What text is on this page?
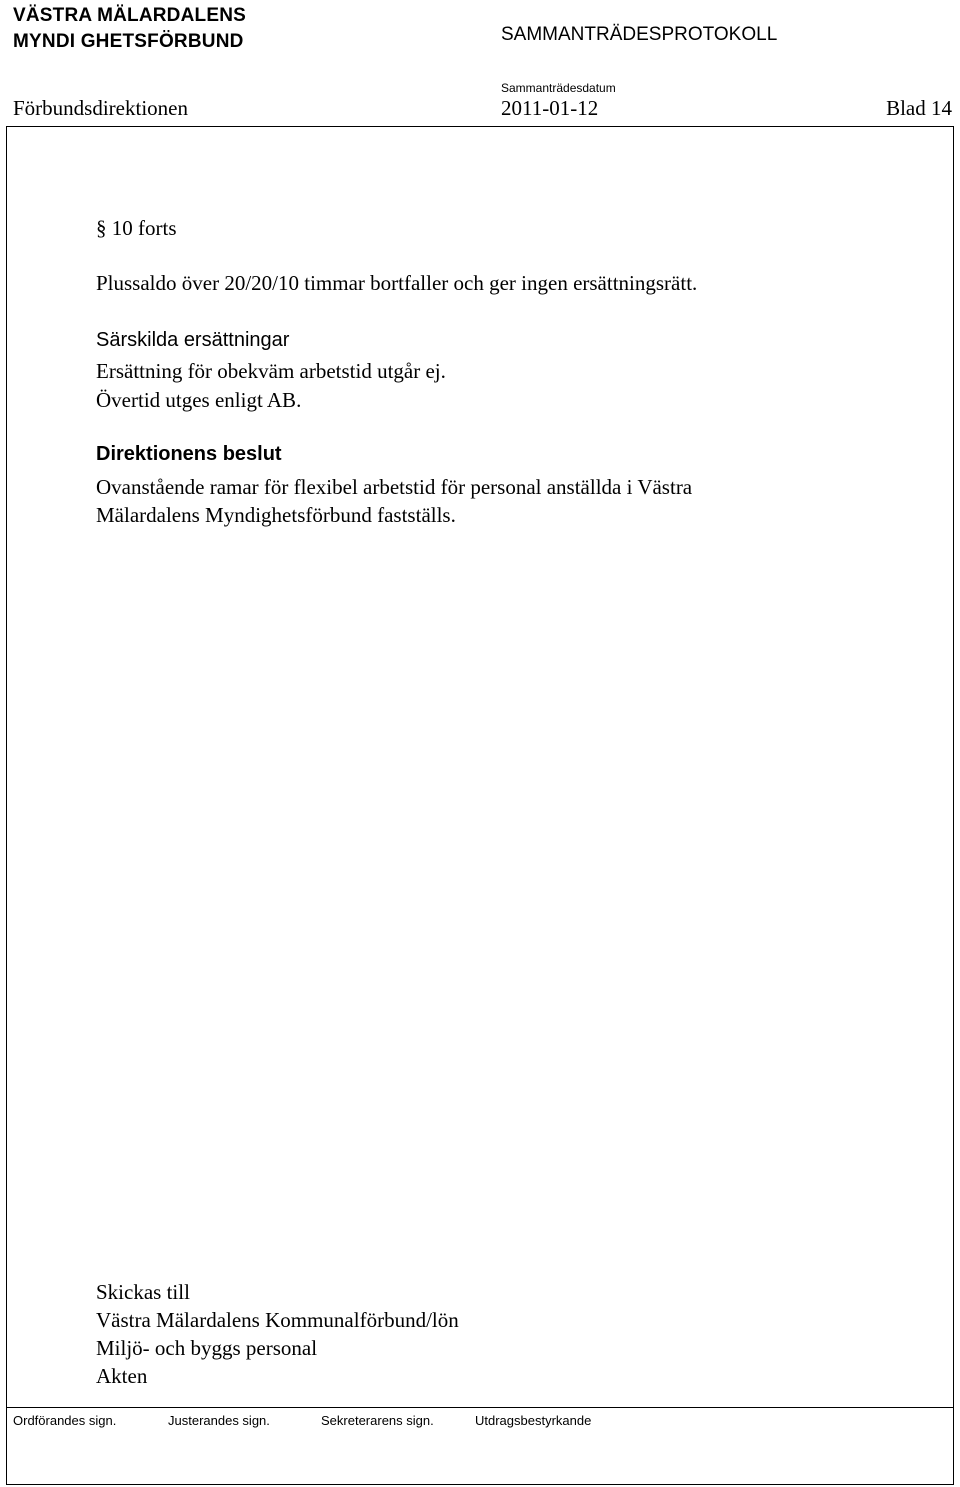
VÄSTRA MÄLARDALENS
MYNDI GHETSFÖRBUND	SAMMANTRÄDESPROTOKOLL
Sammanträdesdatum
Förbundsdirektionen	2011-01-12	Blad 14
§ 10 forts
Plussaldo över 20/20/10 timmar bortfaller och ger ingen ersättningsrätt.
Särskilda ersättningar
Ersättning för obekväm arbetstid utgår ej.
Övertid utges enligt AB.
Direktionens beslut
Ovanstående ramar för flexibel arbetstid för personal anställda i Västra
Mälardalens Myndighetsförbund fastställs.
Skickas till
Västra Mälardalens Kommunalförbund/lön
Miljö- och byggs personal
Akten
Ordförandes sign.	Justerandes sign.	Sekreterarens sign.	Utdragsbestyrkande
